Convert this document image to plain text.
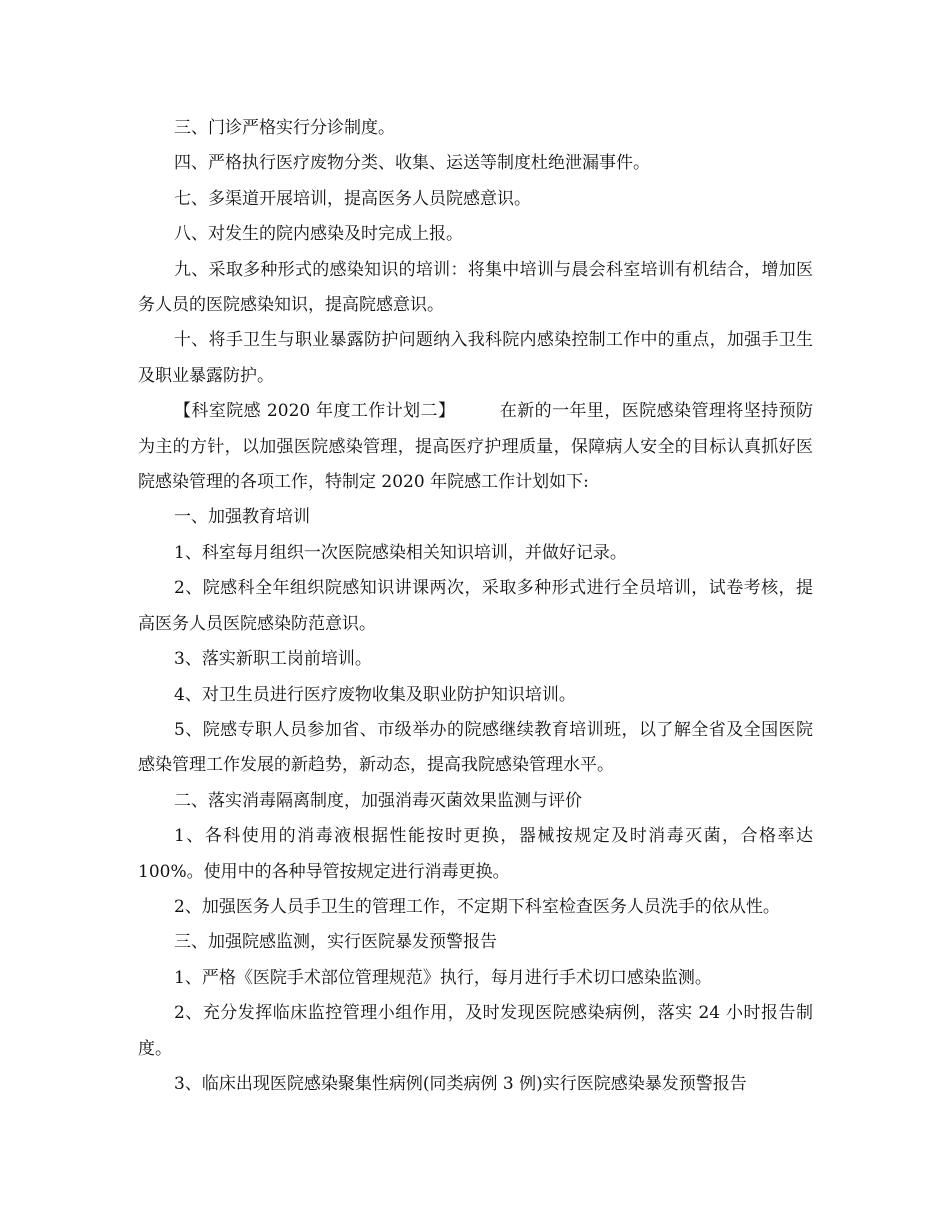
三、门诊严格实行分诊制度。

四、严格执行医疗废物分类、收集、运送等制度杜绝泄漏事件。

七、多渠道开展培训，提高医务人员院感意识。

八、对发生的院内感染及时完成上报。

九、采取多种形式的感染知识的培训：将集中培训与晨会科室培训有机结合，增加医务人员的医院感染知识，提高院感意识。

十、将手卫生与职业暴露防护问题纳入我科院内感染控制工作中的重点，加强手卫生及职业暴露防护。

【科室院感 2020 年度工作计划二】	在新的一年里，医院感染管理将坚持预防为主的方针，以加强医院感染管理，提高医疗护理质量，保障病人安全的目标认真抓好医院感染管理的各项工作，特制定 2020 年院感工作计划如下:

一、加强教育培训

1、科室每月组织一次医院感染相关知识培训，并做好记录。

2、院感科全年组织院感知识讲课两次，采取多种形式进行全员培训，试卷考核，提高医务人员医院感染防范意识。

3、落实新职工岗前培训。

4、对卫生员进行医疗废物收集及职业防护知识培训。

5、院感专职人员参加省、市级举办的院感继续教育培训班，以了解全省及全国医院感染管理工作发展的新趋势，新动态，提高我院感染管理水平。

二、落实消毒隔离制度，加强消毒灭菌效果监测与评价

1、各科使用的消毒液根据性能按时更换，器械按规定及时消毒灭菌，合格率达 100%。使用中的各种导管按规定进行消毒更换。

2、加强医务人员手卫生的管理工作，不定期下科室检查医务人员洗手的依从性。

三、加强院感监测，实行医院暴发预警报告

1、严格《医院手术部位管理规范》执行，每月进行手术切口感染监测。

2、充分发挥临床监控管理小组作用，及时发现医院感染病例，落实 24 小时报告制度。

3、临床出现医院感染聚集性病例(同类病例 3 例)实行医院感染暴发预警报告
